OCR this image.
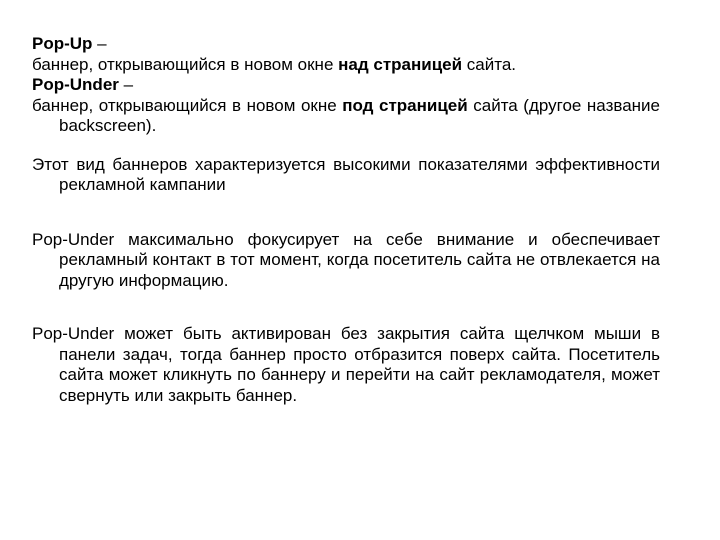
Pop-Up –
баннер, открывающийся в новом окне над страницей сайта.
Pop-Under –
баннер, открывающийся в новом окне под страницей сайта (другое название backscreen).
Этот вид баннеров характеризуется высокими показателями эффективности рекламной кампании
Pop-Under максимально фокусирует на себе внимание и обеспечивает рекламный контакт в тот момент, когда посетитель сайта не отвлекается на другую информацию.
Pop-Under может быть активирован без закрытия сайта щелчком мыши в панели задач, тогда баннер просто отбразится поверх сайта. Посетитель сайта может кликнуть по баннеру и перейти на сайт рекламодателя, может свернуть или закрыть баннер.
